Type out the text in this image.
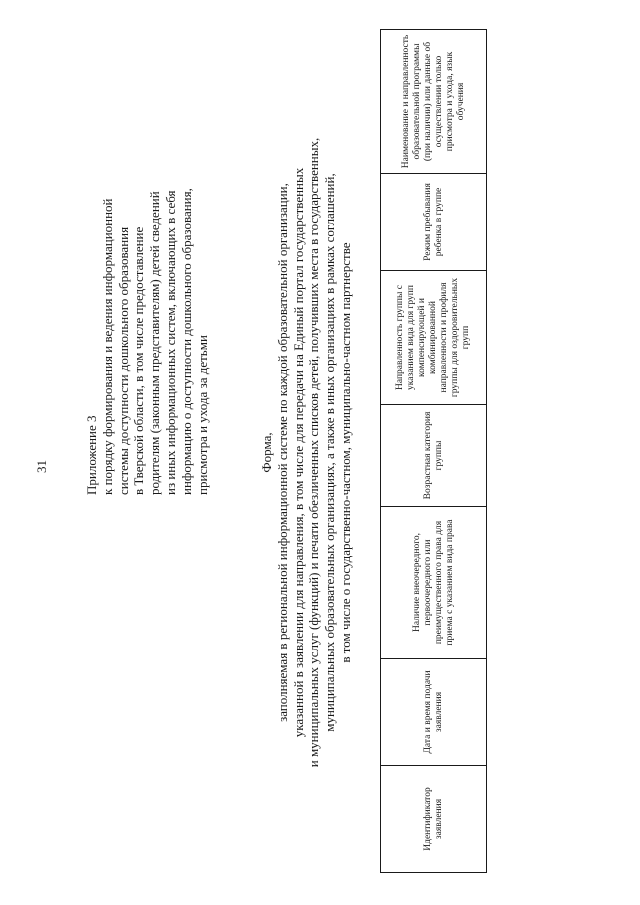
31	Приложение 3 к порядку формирования и ведения информационной системы доступности дошкольного образования в Тверской области, в том числе предоставление родителям (законным представителям) детей сведений из иных информационных систем, включающих в себя информацию о доступности дошкольного образования, присмотра и ухода за детьми	Форма, заполняемая в региональной информационной системе по каждой образовательной организации, указанной в заявлении для направления, в том числе для передачи на Единый портал государственных и муниципальных услуг (функций) и печати обезличенных списков детей, получивших места в государственных, муниципальных образовательных организациях, а также в иных организациях в рамках соглашений, в том числе о государственно-частном, муниципально-частном партнерстве
Идентификатор заявления	Дата и время подачи заявления	Наличие внеочередного, первоочередного или преимущественного права для приема с указанием вида права	Возрастная категория группы	Направленность группы с указанием вида для групп компенсирующей и комбинированной направленности и профиля группы для оздоровительных групп	Режим пребывания ребенка в группе	Наименование и направленность образовательной программы (при наличии) или данные об осуществлении только присмотра и ухода, язык обучения
